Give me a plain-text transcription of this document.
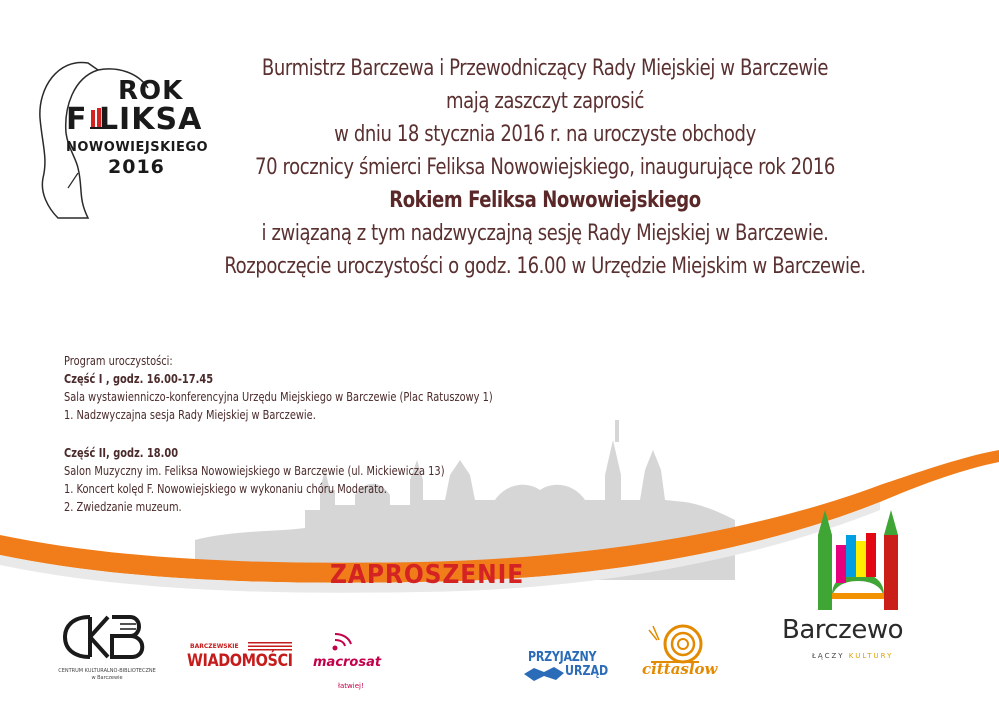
ROK
F LIKSA
NOWOWIEJSKIEGO
2016
Burmistrz Barczewa i Przewodniczący Rady Miejskiej w Barczewie
mają zaszczyt zaprosić
w dniu 18 stycznia 2016 r. na uroczyste obchody
70 rocznicy śmierci Feliksa Nowowiejskiego, inaugurujące rok 2016
Rokiem Feliksa Nowowiejskiego
i związaną z tym nadzwyczajną sesję Rady Miejskiej w Barczewie.
Rozpoczęcie uroczystości o godz. 16.00 w Urzędzie Miejskim w Barczewie.
Program uroczystości:
Część I , godz. 16.00-17.45
Sala wystawienniczo-konferencyjna Urzędu Miejskiego w Barczewie (Plac Ratuszowy 1)
1. Nadzwyczajna sesja Rady Miejskiej w Barczewie.
Część II, godz. 18.00
Salon Muzyczny im. Feliksa Nowowiejskiego w Barczewie (ul. Mickiewicza 13)
1. Koncert kolęd F. Nowowiejskiego w wykonaniu chóru Moderato.
2. Zwiedzanie muzeum.
ZAPROSZENIE
Barczewo
ŁĄCZY KULTURY
CENTRUM KULTURALNO-BIBLIOTECZNE
w Barczewie
BARCZEWSKIE
WIADOMOŚCI macrosat
łatwiej!
PRZYJAZNY
URZĄD cittaslow
